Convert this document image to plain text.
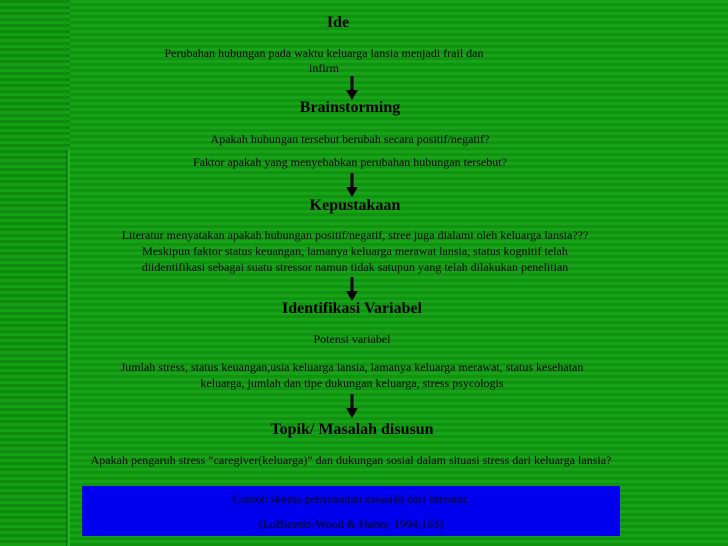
Ide
Perubahan hubungan pada waktu keluarga lansia menjadi frail dan
infirm
Brainstorming
Apakah hubungan tersebut berubah secara positif/negatif?
Faktor apakah yang menyebabkan perubahan hubungan tersebut?
Kepustakaan
Literatur menyatakan apakah hubungan positif/negatif, stree juga dialami oleh keluarga lansia???
Meskipun faktor status keuangan, lamanya keluarga merawat lansia, status kognitif telah
diidentifikasi sebagai suatu stressor namun tidak satupun yang telah dilakukan penelitian
Identifikasi Variabel
Potensi variabel
Jumlah stress, status keuangan,usia keluarga lansia, lamanya keluarga merawat, status kesehatan
keluarga, jumlah dan tipe dukungan keluarga, stress psycologis
Topik/ Masalah disusun
Apakah pengaruh stress “caregiver(keluarga)” dan dukungan sosial dalam situasi stress dari keluarga lansia?
Contoh skema penyusunan masalah dari literatur,
(LoBiondo-Wood & Haber, 1994;163)
